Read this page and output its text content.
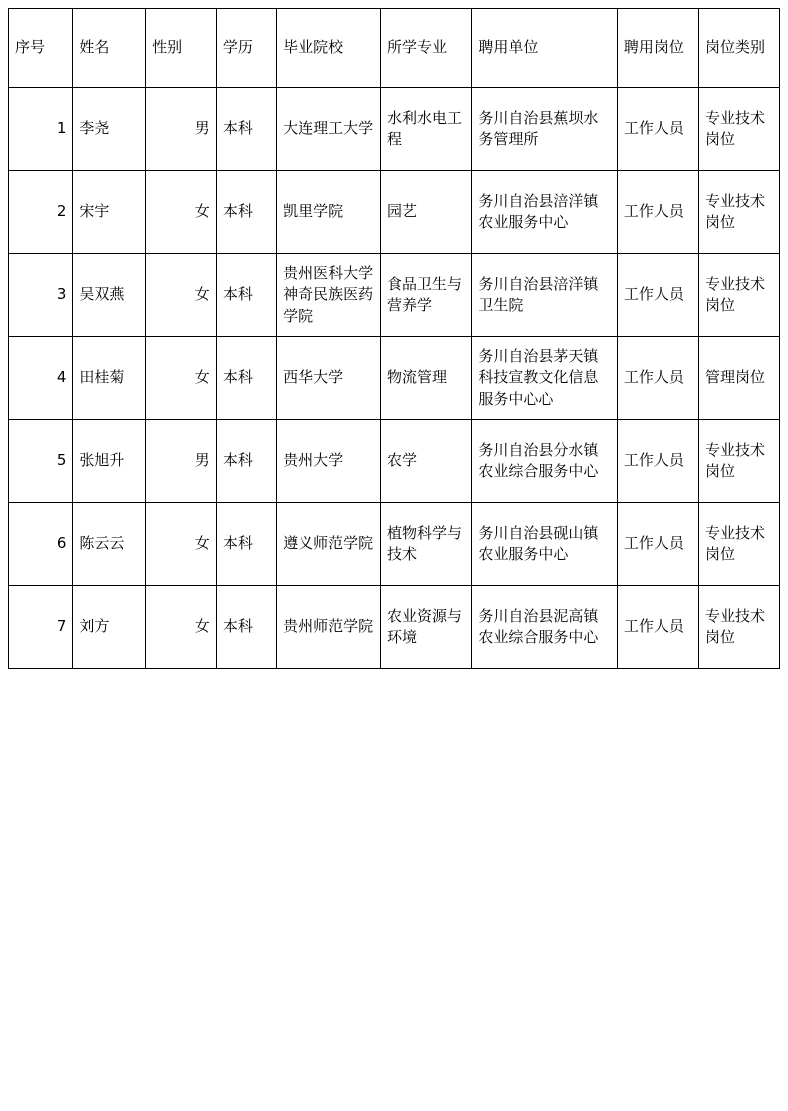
序号	姓名	性别	学历	毕业院校	所学专业	聘用单位	聘用岗位	岗位类别
1	李尧	男	本科	大连理工大学	水利水电工程	务川自治县蕉坝水务管理所	工作人员	专业技术岗位
2	宋宇	女	本科	凯里学院	园艺	务川自治县涪洋镇农业服务中心	工作人员	专业技术岗位
3	吴双燕	女	本科	贵州医科大学神奇民族医药学院	食品卫生与营养学	务川自治县涪洋镇卫生院	工作人员	专业技术岗位
4	田桂菊	女	本科	西华大学	物流管理	务川自治县茅天镇科技宣教文化信息服务中心心	工作人员	管理岗位
5	张旭升	男	本科	贵州大学	农学	务川自治县分水镇农业综合服务中心	工作人员	专业技术岗位
6	陈云云	女	本科	遵义师范学院	植物科学与技术	务川自治县砚山镇农业服务中心	工作人员	专业技术岗位
7	刘方	女	本科	贵州师范学院	农业资源与环境	务川自治县泥高镇农业综合服务中心	工作人员	专业技术岗位
